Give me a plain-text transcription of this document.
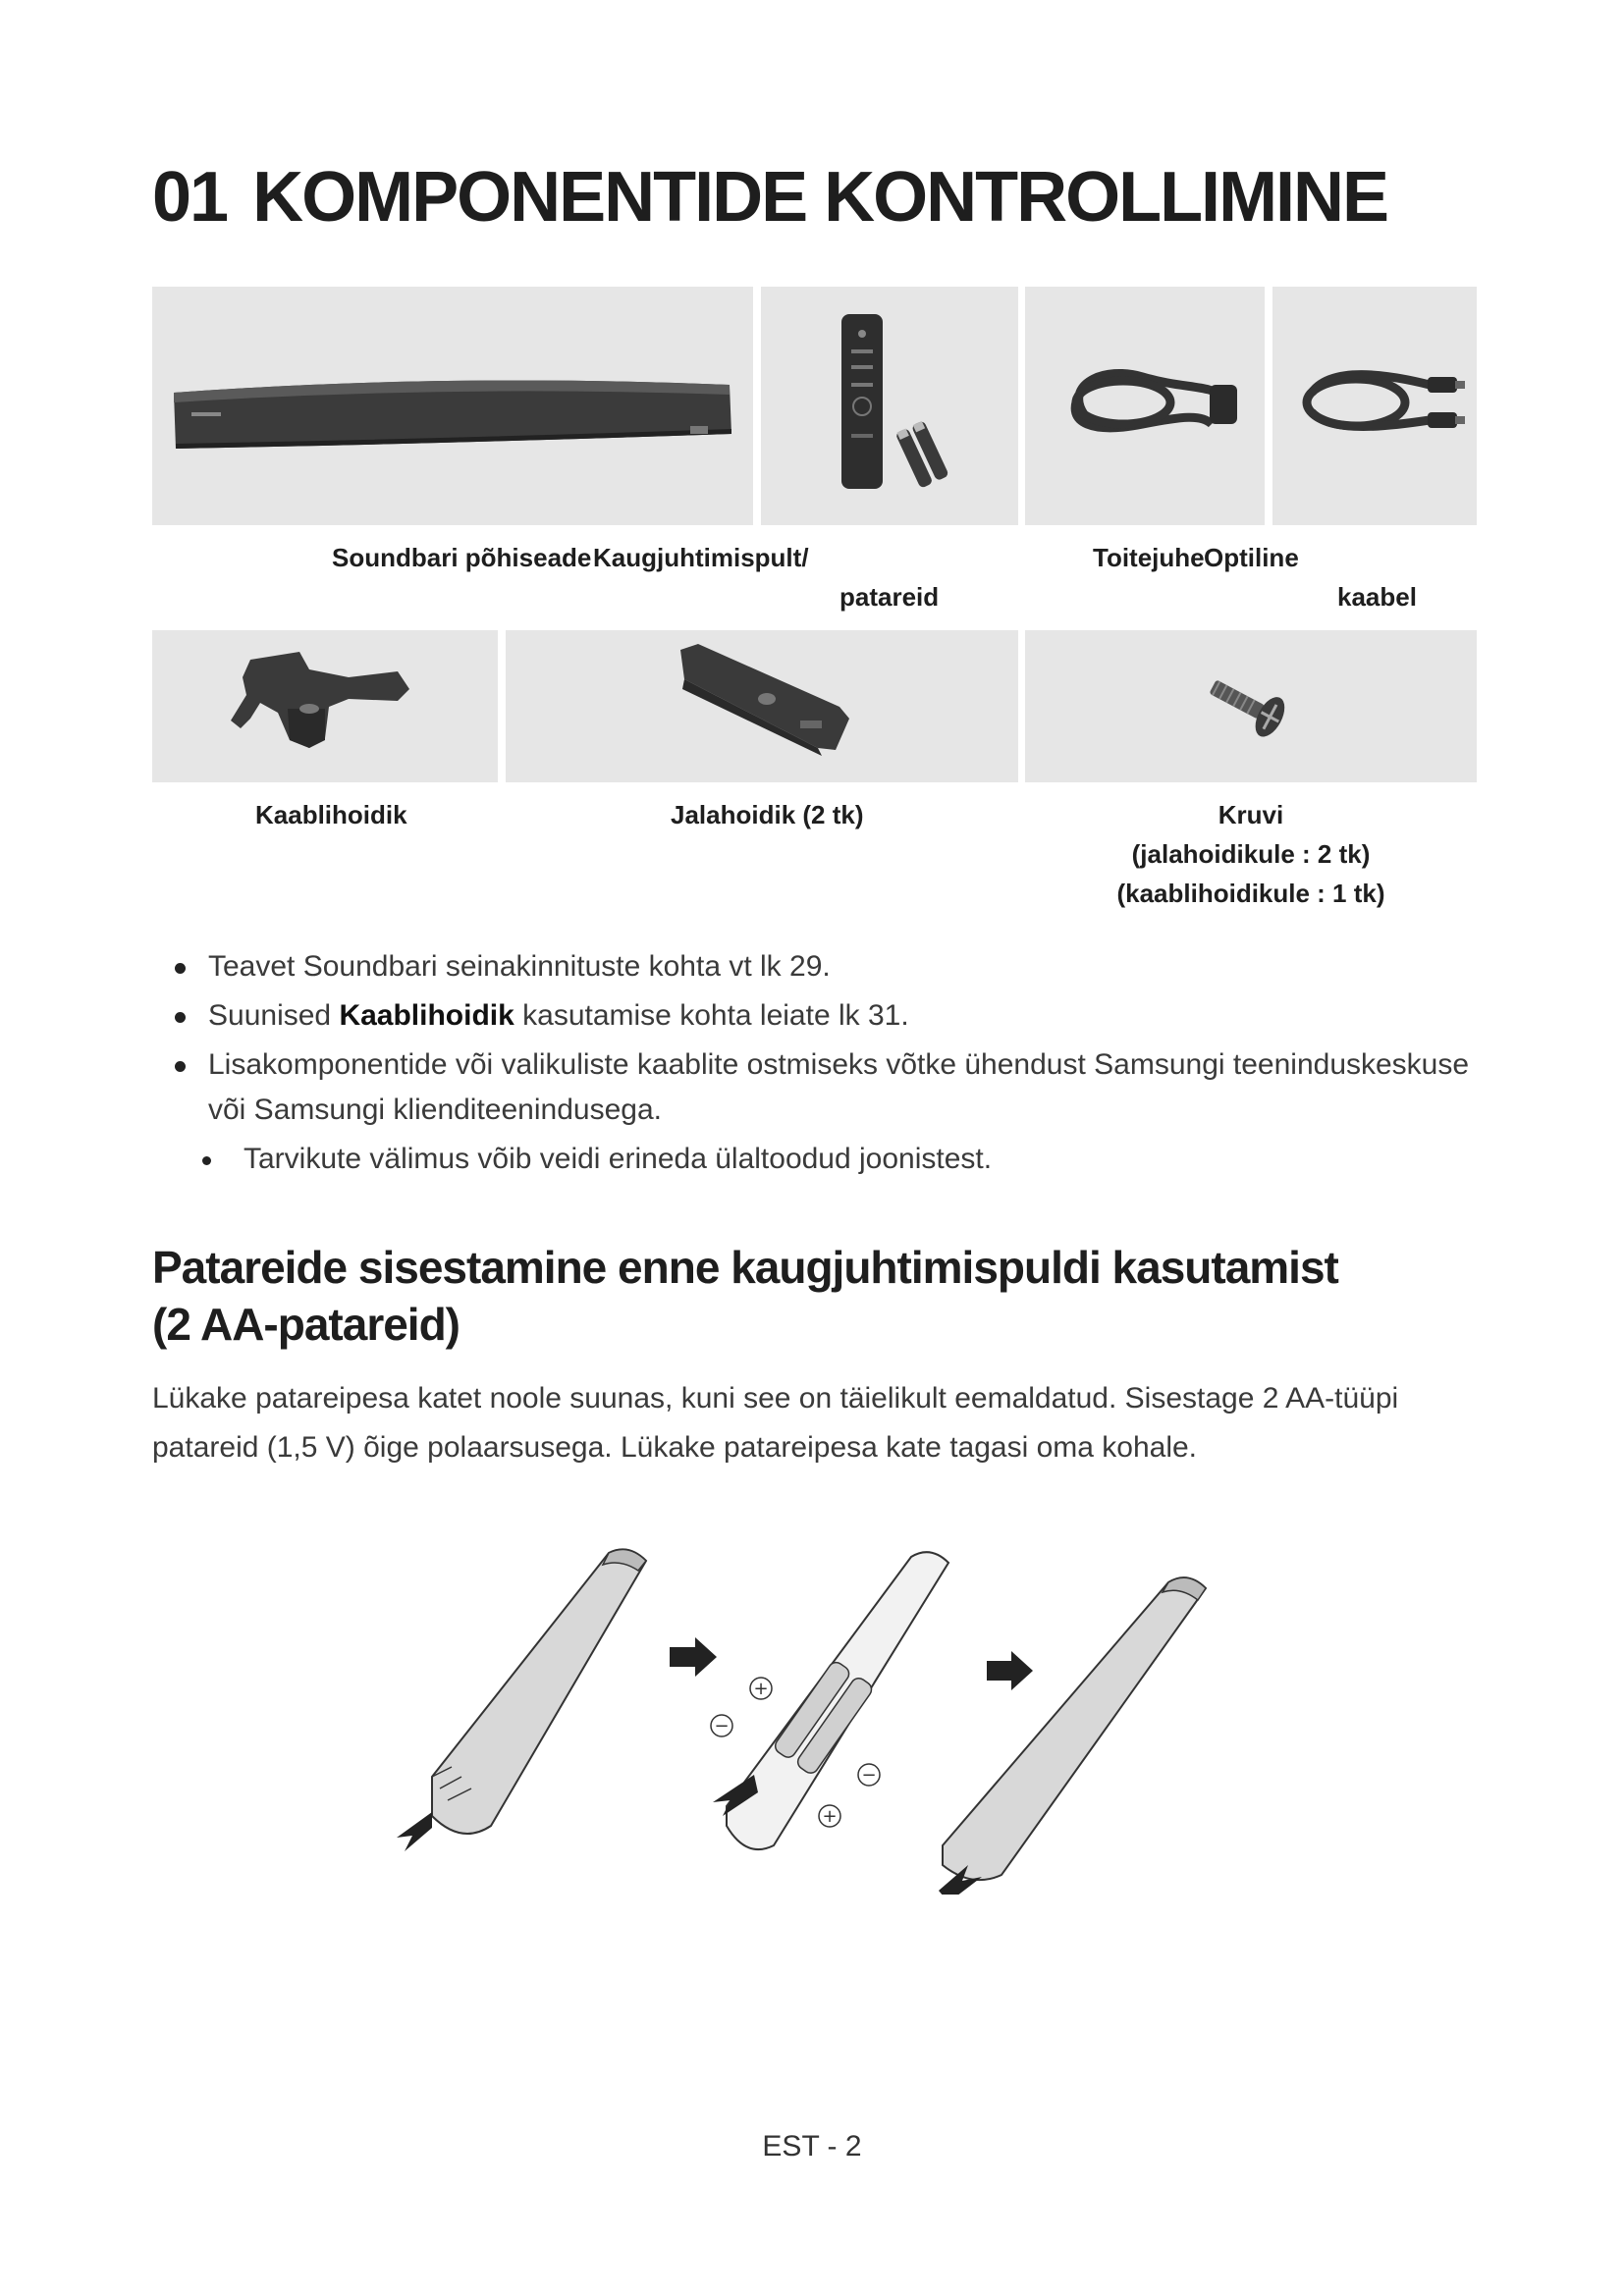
01 KOMPONENTIDE KONTROLLIMINE
Soundbari põhiseade Kaugjuhtimispult/
patareid
Toitejuhe Optiline
kaabel
Kaablihoidik	Jalahoidik (2 tk)	Kruvi
(jalahoidikule : 2 tk)
(kaablihoidikule : 1 tk)
Teavet Soundbari seinakinnituste kohta vt lk 29.
Suunised Kaablihoidik kasutamise kohta leiate lk 31.
Lisakomponentide või valikuliste kaablite ostmiseks võtke ühendust Samsungi teeninduskeskuse või Samsungi klienditeenindusega.
Tarvikute välimus võib veidi erineda ülaltoodud joonistest.
Patareide sisestamine enne kaugjuhtimispuldi kasutamist
(2 AA-patareid)

Lükake patareipesa katet noole suunas, kuni see on täielikult eemaldatud. Sisestage 2 AA-tüüpi patareid (1,5 V) õige polaarsusega. Lükake patareipesa kate tagasi oma kohale.

+
−
−
+
EST - 2
